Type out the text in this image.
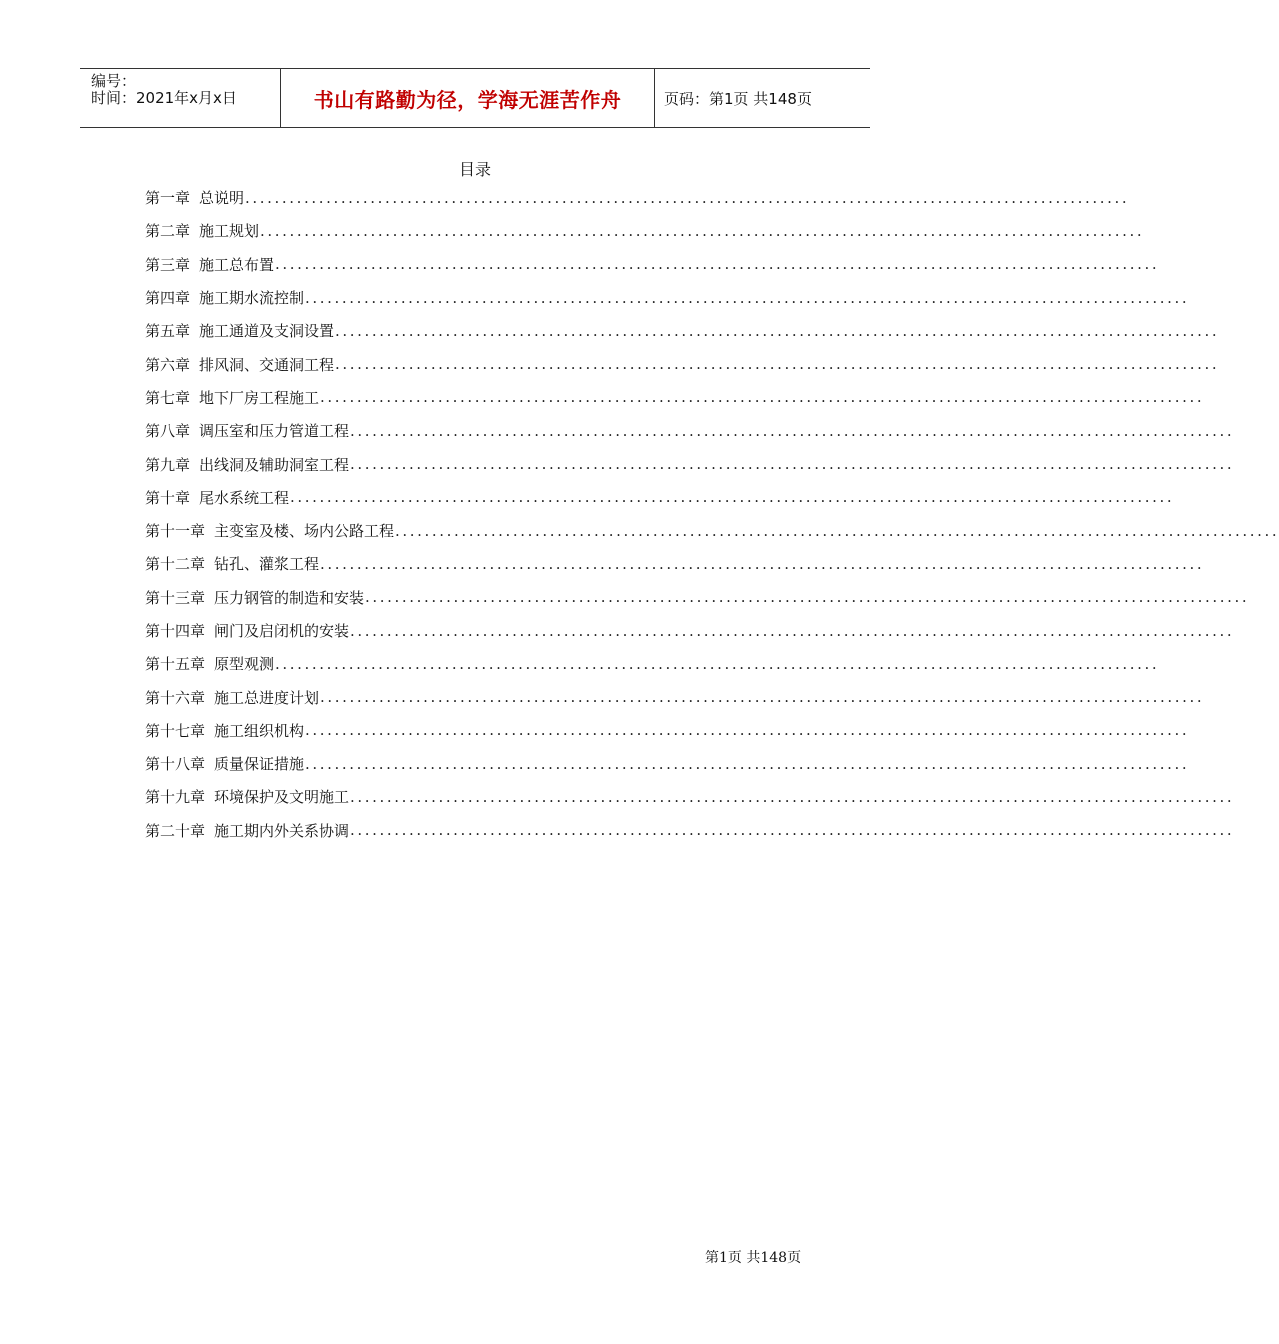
编号：
时间：2021年x月x日	书山有路勤为径，学海无涯苦作舟	页码：第1页 共148页
目录
第一章 总说明 ........................................................................................................................
第二章 施工规划 ........................................................................................................................
第三章 施工总布置 ........................................................................................................................
第四章 施工期水流控制 ........................................................................................................................
第五章 施工通道及支洞设置 ........................................................................................................................
第六章 排风洞、交通洞工程 ........................................................................................................................
第七章 地下厂房工程施工 ........................................................................................................................
第八章 调压室和压力管道工程 ........................................................................................................................
第九章 出线洞及辅助洞室工程 ........................................................................................................................
第十章 尾水系统工程 ........................................................................................................................
第十一章 主变室及楼、场内公路工程 ........................................................................................................................
第十二章 钻孔、灌浆工程 ........................................................................................................................
第十三章 压力钢管的制造和安装 ........................................................................................................................
第十四章 闸门及启闭机的安装 ........................................................................................................................
第十五章 原型观测 ........................................................................................................................
第十六章 施工总进度计划 ........................................................................................................................
第十七章 施工组织机构 ........................................................................................................................
第十八章 质量保证措施 ........................................................................................................................
第十九章 环境保护及文明施工 ........................................................................................................................
第二十章 施工期内外关系协调 ........................................................................................................................
第1页 共148页
